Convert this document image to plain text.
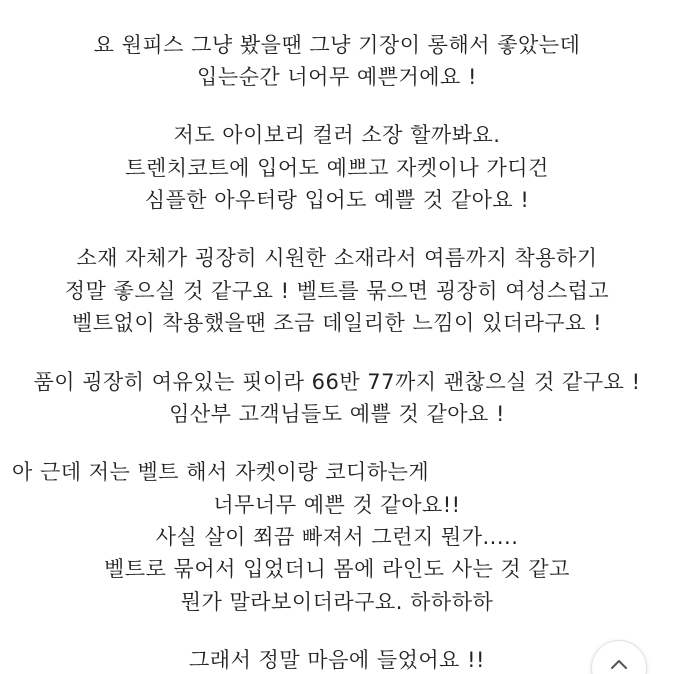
요 원피스 그냥 봤을땐 그냥 기장이 롱해서 좋았는데
입는순간 너어무 예쁜거에요 !
저도 아이보리 컬러 소장 할까봐요.
트렌치코트에 입어도 예쁘고 자켓이나 가디건
심플한 아우터랑 입어도 예쁠 것 같아요 !
소재 자체가 굉장히 시원한 소재라서 여름까지 착용하기
정말 좋으실 것 같구요 ! 벨트를 묶으면 굉장히 여성스럽고
벨트없이 착용했을땐 조금 데일리한 느낌이 있더라구요 !
품이 굉장히 여유있는 핏이라 66반 77까지 괜찮으실 것 같구요 !
임산부 고객님들도 예쁠 것 같아요 !
아 근데 저는 벨트 해서 자켓이랑 코디하는게
너무너무 예쁜 것 같아요!!
사실 살이 쬐끔 빠져서 그런지 뭔가.....
벨트로 묶어서 입었더니 몸에 라인도 사는 것 같고
뭔가 말라보이더라구요. 하하하하
그래서 정말 마음에 들었어요 !!
